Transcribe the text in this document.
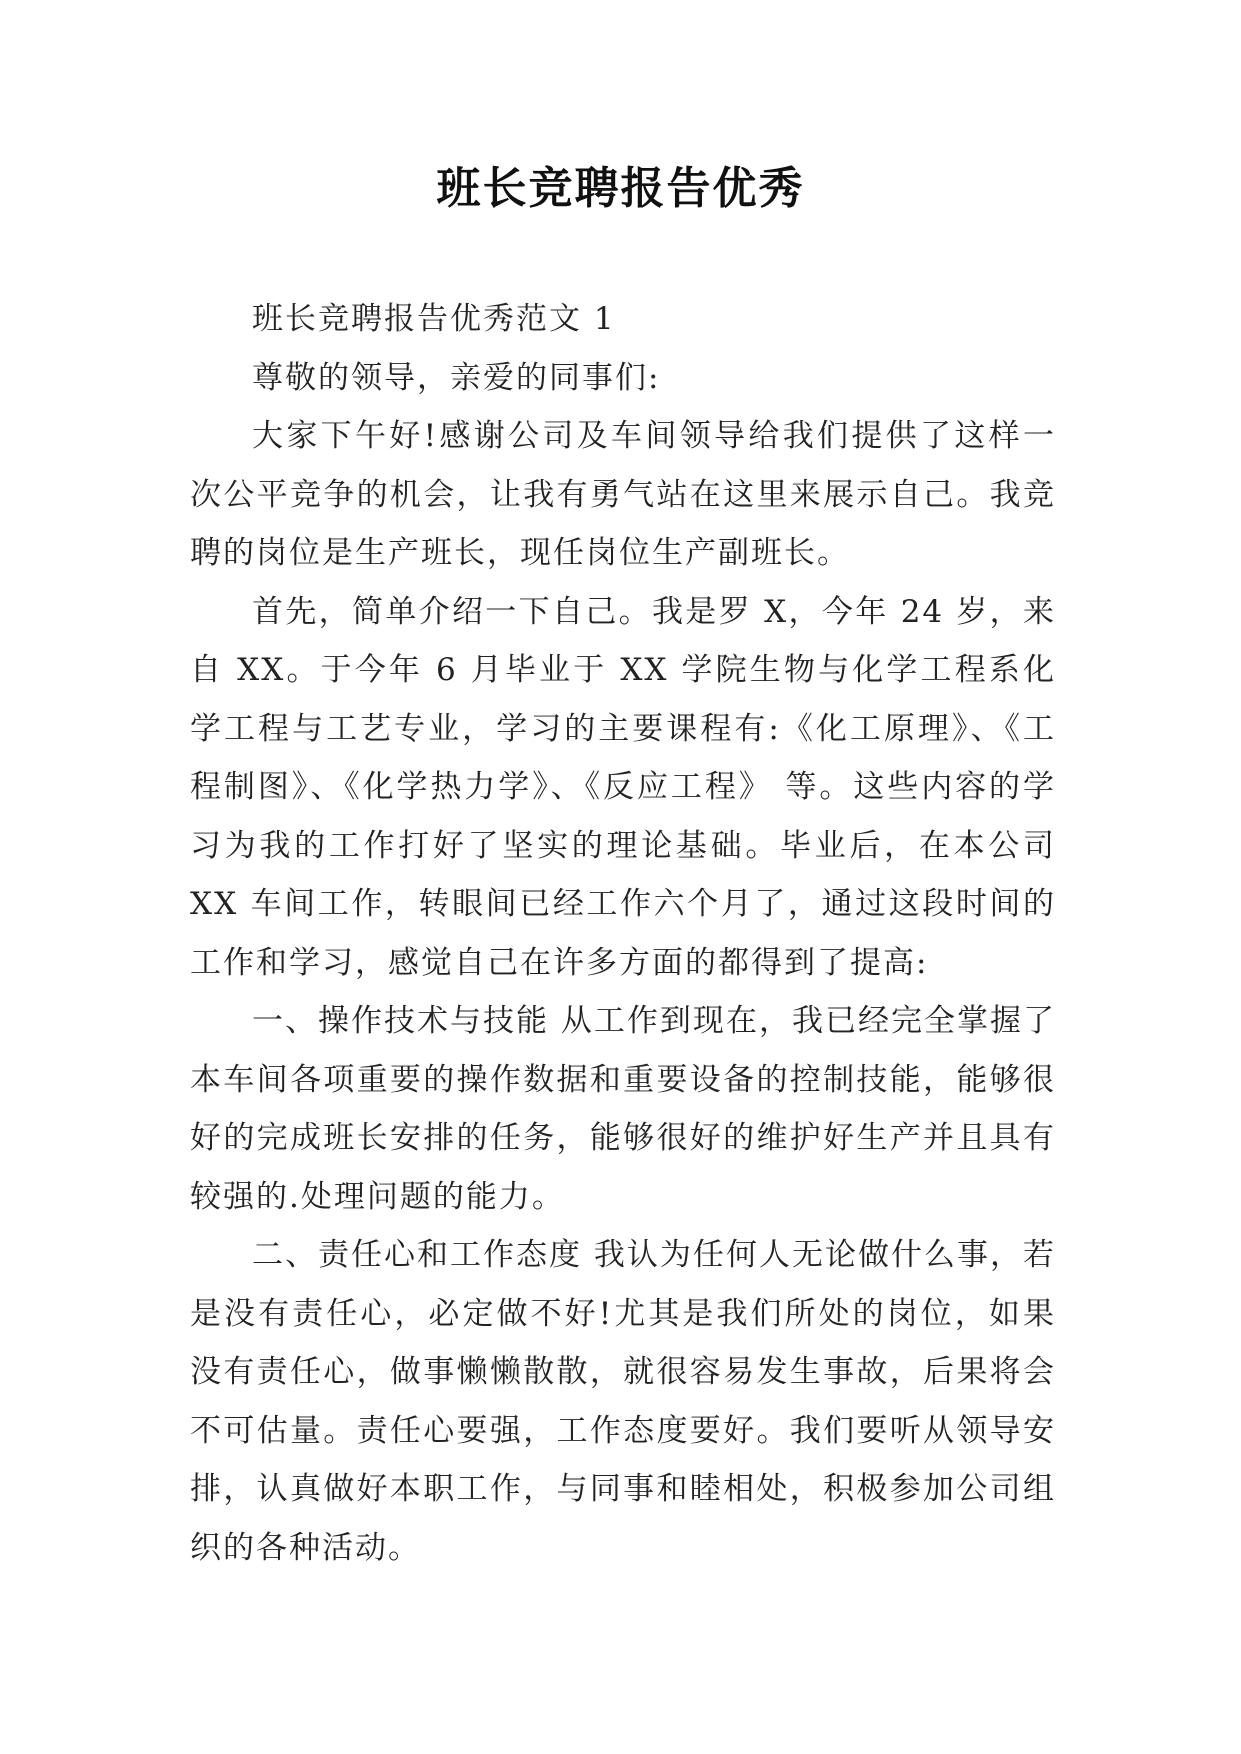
班长竞聘报告优秀

班长竞聘报告优秀范文 1

尊敬的领导，亲爱的同事们:

大家下午好!感谢公司及车间领导给我们提供了这样一次公平竞争的机会，让我有勇气站在这里来展示自己。我竞聘的岗位是生产班长，现任岗位生产副班长。

首先，简单介绍一下自己。我是罗 X，今年 24 岁，来自 XX。于今年 6 月毕业于 XX 学院生物与化学工程系化学工程与工艺专业，学习的主要课程有:《化工原理》、《工程制图》、《化学热力学》、《反应工程》 等。这些内容的学习为我的工作打好了坚实的理论基础。毕业后，在本公司 XX 车间工作，转眼间已经工作六个月了，通过这段时间的工作和学习，感觉自己在许多方面的都得到了提高:

一、操作技术与技能 从工作到现在，我已经完全掌握了本车间各项重要的操作数据和重要设备的控制技能，能够很好的完成班长安排的任务，能够很好的维护好生产并且具有较强的.处理问题的能力。

二、责任心和工作态度 我认为任何人无论做什么事，若是没有责任心，必定做不好!尤其是我们所处的岗位，如果没有责任心，做事懒懒散散，就很容易发生事故，后果将会不可估量。责任心要强，工作态度要好。我们要听从领导安排，认真做好本职工作，与同事和睦相处，积极参加公司组织的各种活动。
